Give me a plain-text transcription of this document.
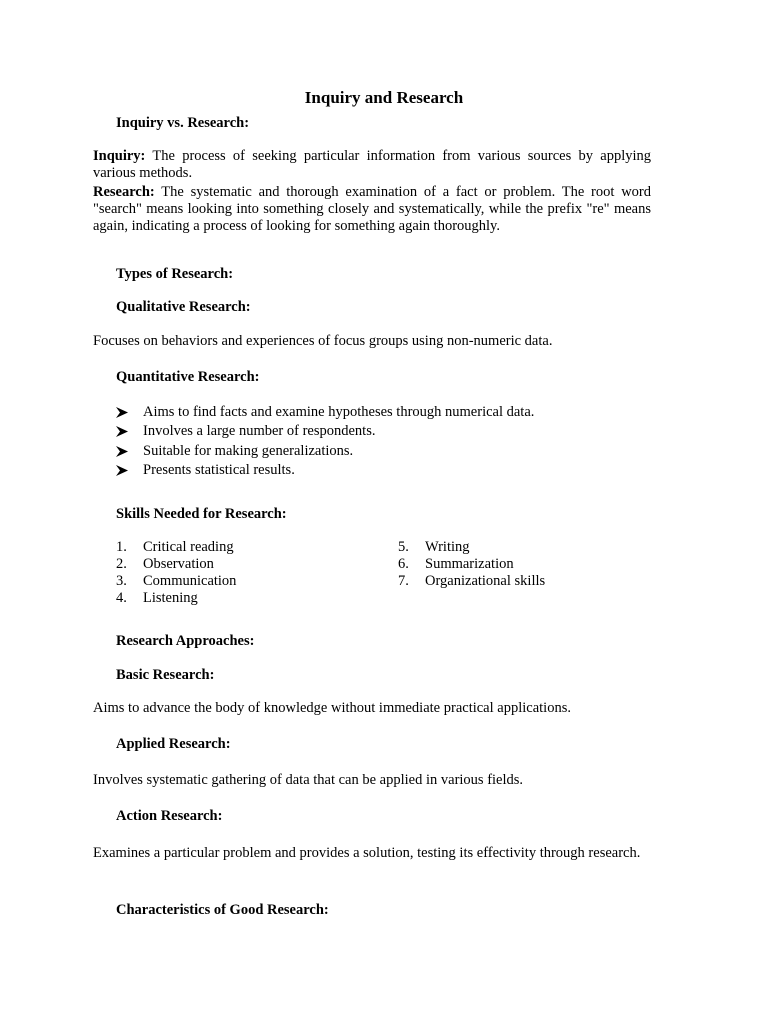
Inquiry and Research
Inquiry vs. Research:
Inquiry: The process of seeking particular information from various sources by applying various methods.
Research: The systematic and thorough examination of a fact or problem. The root word "search" means looking into something closely and systematically, while the prefix "re" means again, indicating a process of looking for something again thoroughly.
Types of Research:
Qualitative Research:
Focuses on behaviors and experiences of focus groups using non-numeric data.
Quantitative Research:
Aims to find facts and examine hypotheses through numerical data.
Involves a large number of respondents.
Suitable for making generalizations.
Presents statistical results.
Skills Needed for Research:
1. Critical reading
2. Observation
3. Communication
4. Listening
5. Writing
6. Summarization
7. Organizational skills
Research Approaches:
Basic Research:
Aims to advance the body of knowledge without immediate practical applications.
Applied Research:
Involves systematic gathering of data that can be applied in various fields.
Action Research:
Examines a particular problem and provides a solution, testing its effectivity through research.
Characteristics of Good Research:
